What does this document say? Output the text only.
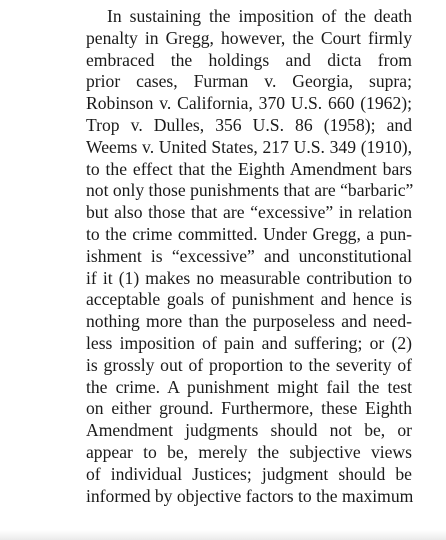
In sustaining the imposition of the death
penalty in Gregg, however, the Court firmly
embraced the holdings and dicta from
prior cases, Furman v. Georgia, supra;
Robinson v. California, 370 U.S. 660 (1962);
Trop v. Dulles, 356 U.S. 86 (1958); and
Weems v. United States, 217 U.S. 349 (1910),
to the effect that the Eighth Amendment bars
not only those punishments that are “barbaric”
but also those that are “excessive” in relation
to the crime committed. Under Gregg, a pun-
ishment is “excessive” and unconstitutional
if it (1) makes no measurable contribution to
acceptable goals of punishment and hence is
nothing more than the purposeless and need-
less imposition of pain and suffering; or (2)
is grossly out of proportion to the severity of
the crime. A punishment might fail the test
on either ground. Furthermore, these Eighth
Amendment judgments should not be, or
appear to be, merely the subjective views
of individual Justices; judgment should be
informed by objective factors to the maximum
